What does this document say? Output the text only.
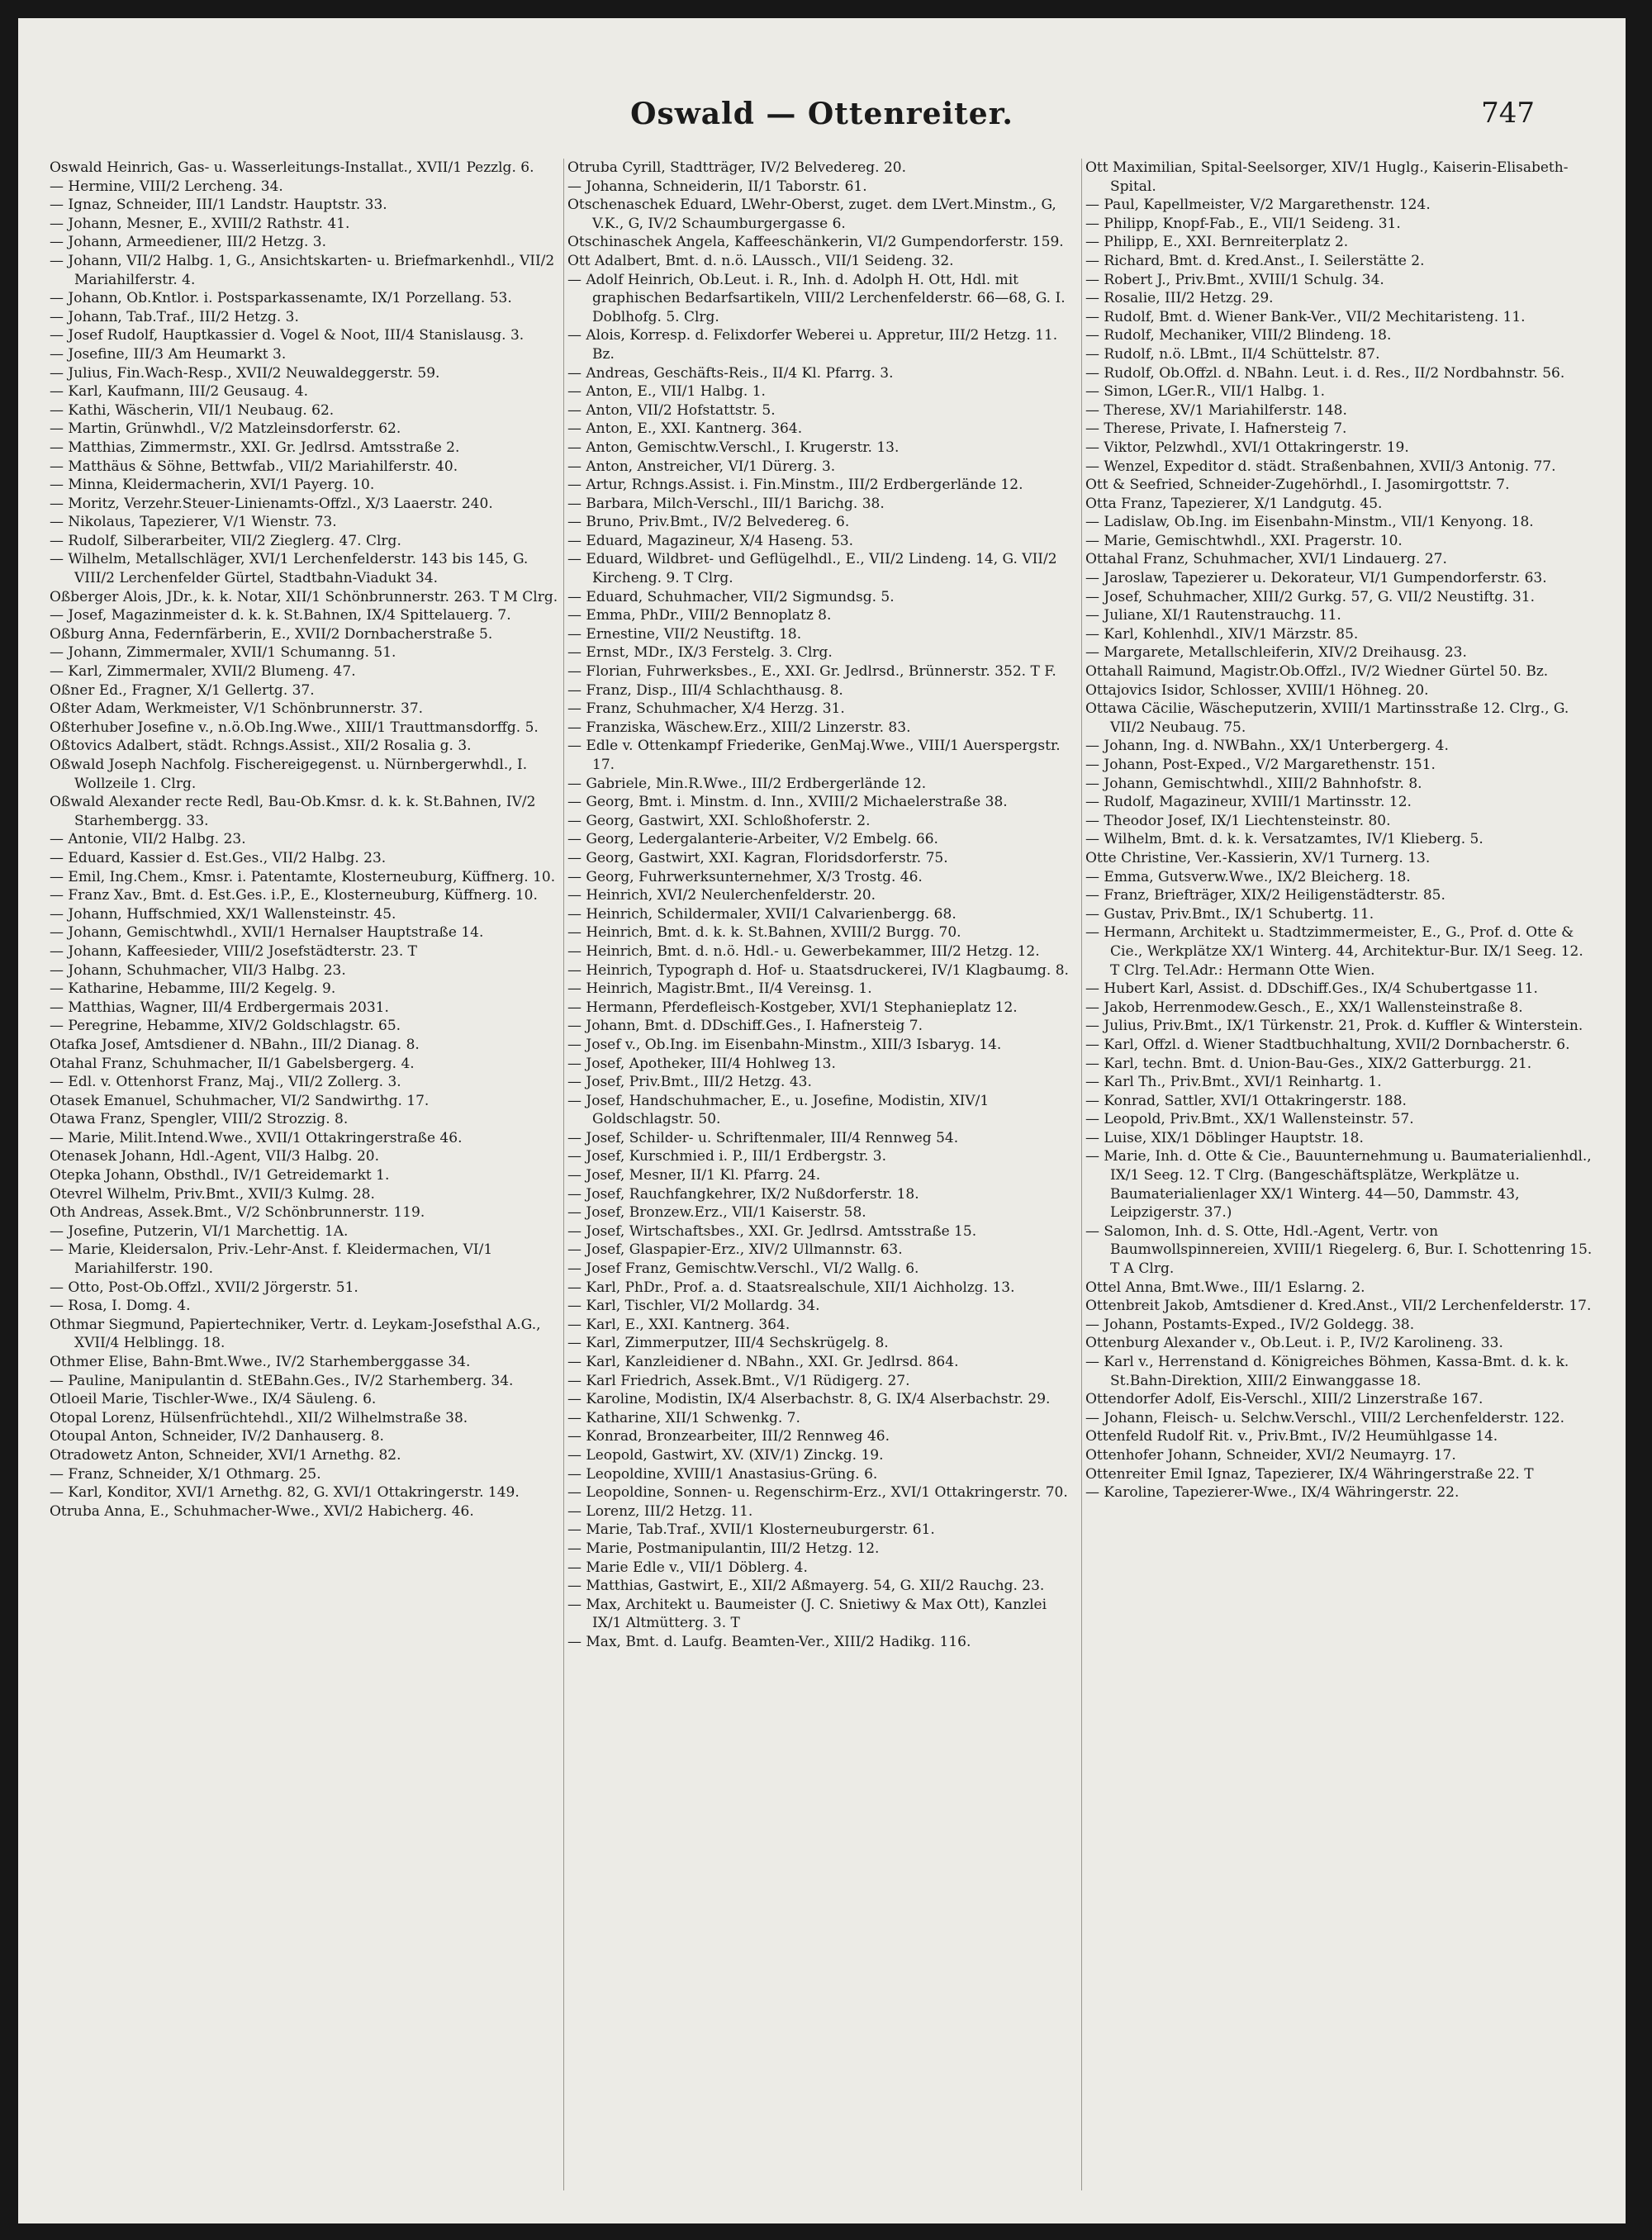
Oswald — Ottenreiter.	747
Oswald Heinrich, Gas- u. Wasserleitungs-Installat., XVII/1 Pezzlg. 6.
— Hermine, VIII/2 Lercheng. 34.
— Ignaz, Schneider, III/1 Landstr. Hauptstr. 33.
— Johann, Mesner, E., XVIII/2 Rathstr. 41.
— Johann, Armeediener, III/2 Hetzg. 3.
— Johann, VII/2 Halbg. 1, G., Ansichtskarten- u. Briefmarkenhdl., VII/2 Mariahilferstr. 4.
— Johann, Ob.Kntlor. i. Postsparkassenamte, IX/1 Porzellang. 53.
— Johann, Tab.Traf., III/2 Hetzg. 3.
— Josef Rudolf, Hauptkassier d. Vogel & Noot, III/4 Stanislausg. 3.
— Josefine, III/3 Am Heumarkt 3.
— Julius, Fin.Wach-Resp., XVII/2 Neuwaldeggerstr. 59.
— Karl, Kaufmann, III/2 Geusaug. 4.
— Kathi, Wäscherin, VII/1 Neubaug. 62.
— Martin, Grünwhdl., V/2 Matzleinsdorferstr. 62.
— Matthias, Zimmermstr., XXI. Gr. Jedlrsd. Amtsstraße 2.
— Matthäus & Söhne, Bettwfab., VII/2 Mariahilferstr. 40.
— Minna, Kleidermacherin, XVI/1 Payerg. 10.
— Moritz, Verzehr.Steuer-Linienamts-Offzl., X/3 Laaerstr. 240.
— Nikolaus, Tapezierer, V/1 Wienstr. 73.
— Rudolf, Silberarbeiter, VII/2 Zieglerg. 47. Clrg.
— Wilhelm, Metallschläger, XVI/1 Lerchenfelderstr. 143 bis 145, G. VIII/2 Lerchenfelder Gürtel, Stadtbahn-Viadukt 34.
Oßberger Alois, JDr., k. k. Notar, XII/1 Schönbrunnerstr. 263. T M Clrg.
— Josef, Magazinmeister d. k. k. St.Bahnen, IX/4 Spittelauerg. 7.
Oßburg Anna, Federnfärberin, E., XVII/2 Dornbacherstraße 5.
— Johann, Zimmermaler, XVII/1 Schumanng. 51.
— Karl, Zimmermaler, XVII/2 Blumeng. 47.
Oßner Ed., Fragner, X/1 Gellertg. 37.
Oßter Adam, Werkmeister, V/1 Schönbrunnerstr. 37.
Oßterhuber Josefine v., n.ö.Ob.Ing.Wwe., XIII/1 Trauttmansdorffg. 5.
Oßtovics Adalbert, städt. Rchngs.Assist., XII/2 Rosalia g. 3.
Oßwald Joseph Nachfolg. Fischereigegenst. u. Nürnbergerwhdl., I. Wollzeile 1. Clrg.
Oßwald Alexander recte Redl, Bau-Ob.Kmsr. d. k. k. St.Bahnen, IV/2 Starhembergg. 33.
— Antonie, VII/2 Halbg. 23.
— Eduard, Kassier d. Est.Ges., VII/2 Halbg. 23.
— Emil, Ing.Chem., Kmsr. i. Patentamte, Klosterneuburg, Küffnerg. 10.
— Franz Xav., Bmt. d. Est.Ges. i.P., E., Klosterneuburg, Küffnerg. 10.
— Johann, Huffschmied, XX/1 Wallensteinstr. 45.
— Johann, Gemischtwhdl., XVII/1 Hernalser Hauptstraße 14.
— Johann, Kaffeesieder, VIII/2 Josefstädterstr. 23. T
— Johann, Schuhmacher, VII/3 Halbg. 23.
— Katharine, Hebamme, III/2 Kegelg. 9.
— Matthias, Wagner, III/4 Erdbergermais 2031.
— Peregrine, Hebamme, XIV/2 Goldschlagstr. 65.
Otafka Josef, Amtsdiener d. NBahn., III/2 Dianag. 8.
Otahal Franz, Schuhmacher, II/1 Gabelsbergerg. 4.
— Edl. v. Ottenhorst Franz, Maj., VII/2 Zollerg. 3.
Otasek Emanuel, Schuhmacher, VI/2 Sandwirthg. 17.
Otawa Franz, Spengler, VIII/2 Strozzig. 8.
— Marie, Milit.Intend.Wwe., XVII/1 Ottakringerstraße 46.
Otenasek Johann, Hdl.-Agent, VII/3 Halbg. 20.
Otepka Johann, Obsthdl., IV/1 Getreidemarkt 1.
Otevrel Wilhelm, Priv.Bmt., XVII/3 Kulmg. 28.
Oth Andreas, Assek.Bmt., V/2 Schönbrunnerstr. 119.
— Josefine, Putzerin, VI/1 Marchettig. 1A.
— Marie, Kleidersalon, Priv.-Lehr-Anst. f. Kleidermachen, VI/1 Mariahilferstr. 190.
— Otto, Post-Ob.Offzl., XVII/2 Jörgerstr. 51.
— Rosa, I. Domg. 4.
Othmar Siegmund, Papiertechniker, Vertr. d. Leykam-Josefsthal A.G., XVII/4 Helblingg. 18.
Othmer Elise, Bahn-Bmt.Wwe., IV/2 Starhemberggasse 34.
— Pauline, Manipulantin d. StEBahn.Ges., IV/2 Starhemberg. 34.
Otloeil Marie, Tischler-Wwe., IX/4 Säuleng. 6.
Otopal Lorenz, Hülsenfrüchtehdl., XII/2 Wilhelmstraße 38.
Otoupal Anton, Schneider, IV/2 Danhauserg. 8.
Otradowetz Anton, Schneider, XVI/1 Arnethg. 82.
— Franz, Schneider, X/1 Othmarg. 25.
— Karl, Konditor, XVI/1 Arnethg. 82, G. XVI/1 Ottakringerstr. 149.
Otruba Anna, E., Schuhmacher-Wwe., XVI/2 Habicherg. 46.
Otruba Cyrill, Stadtträger, IV/2 Belvedereg. 20.
— Johanna, Schneiderin, II/1 Taborstr. 61.
Otschenaschek Eduard, LWehr-Oberst, zuget. dem LVert.Minstm., G, V.K., G, IV/2 Schaumburgergasse 6.
Otschinaschek Angela, Kaffeeschänkerin, VI/2 Gumpendorferstr. 159.
Ott Adalbert, Bmt. d. n.ö. LAussch., VII/1 Seideng. 32.
— Adolf Heinrich, Ob.Leut. i. R., Inh. d. Adolph H. Ott, Hdl. mit graphischen Bedarfsartikeln, VIII/2 Lerchenfelderstr. 66—68, G. I. Doblhofg. 5. Clrg.
— Alois, Korresp. d. Felixdorfer Weberei u. Appretur, III/2 Hetzg. 11. Bz.
— Andreas, Geschäfts-Reis., II/4 Kl. Pfarrg. 3.
— Anton, E., VII/1 Halbg. 1.
— Anton, VII/2 Hofstattstr. 5.
— Anton, E., XXI. Kantnerg. 364.
— Anton, Gemischtw.Verschl., I. Krugerstr. 13.
— Anton, Anstreicher, VI/1 Dürerg. 3.
— Artur, Rchngs.Assist. i. Fin.Minstm., III/2 Erdbergerlände 12.
— Barbara, Milch-Verschl., III/1 Barichg. 38.
— Bruno, Priv.Bmt., IV/2 Belvedereg. 6.
— Eduard, Magazineur, X/4 Haseng. 53.
— Eduard, Wildbret- und Geflügelhdl., E., VII/2 Lindeng. 14, G. VII/2 Kircheng. 9. T Clrg.
— Eduard, Schuhmacher, VII/2 Sigmundsg. 5.
— Emma, PhDr., VIII/2 Bennoplatz 8.
— Ernestine, VII/2 Neustiftg. 18.
— Ernst, MDr., IX/3 Ferstelg. 3. Clrg.
— Florian, Fuhrwerksbes., E., XXI. Gr. Jedlrsd., Brünnerstr. 352. T F.
— Franz, Disp., III/4 Schlachthausg. 8.
— Franz, Schuhmacher, X/4 Herzg. 31.
— Franziska, Wäschew.Erz., XIII/2 Linzerstr. 83.
— Edle v. Ottenkampf Friederike, GenMaj.Wwe., VIII/1 Auerspergstr. 17.
— Gabriele, Min.R.Wwe., III/2 Erdbergerlände 12.
— Georg, Bmt. i. Minstm. d. Inn., XVIII/2 Michaelerstraße 38.
— Georg, Gastwirt, XXI. Schloßhoferstr. 2.
— Georg, Ledergalanterie-Arbeiter, V/2 Embelg. 66.
— Georg, Gastwirt, XXI. Kagran, Floridsdorferstr. 75.
— Georg, Fuhrwerksunternehmer, X/3 Trostg. 46.
— Heinrich, XVI/2 Neulerchenfelderstr. 20.
— Heinrich, Schildermaler, XVII/1 Calvarienbergg. 68.
— Heinrich, Bmt. d. k. k. St.Bahnen, XVIII/2 Burgg. 70.
— Heinrich, Bmt. d. n.ö. Hdl.- u. Gewerbekammer, III/2 Hetzg. 12.
— Heinrich, Typograph d. Hof- u. Staatsdruckerei, IV/1 Klagbaumg. 8.
— Heinrich, Magistr.Bmt., II/4 Vereinsg. 1.
— Hermann, Pferdefleisch-Kostgeber, XVI/1 Stephanieplatz 12.
— Johann, Bmt. d. DDschiff.Ges., I. Hafnersteig 7.
— Josef v., Ob.Ing. im Eisenbahn-Minstm., XIII/3 Isbaryg. 14.
— Josef, Apotheker, III/4 Hohlweg 13.
— Josef, Priv.Bmt., III/2 Hetzg. 43.
— Josef, Handschuhmacher, E., u. Josefine, Modistin, XIV/1 Goldschlagstr. 50.
— Josef, Schilder- u. Schriftenmaler, III/4 Rennweg 54.
— Josef, Kurschmied i. P., III/1 Erdbergstr. 3.
— Josef, Mesner, II/1 Kl. Pfarrg. 24.
— Josef, Rauchfangkehrer, IX/2 Nußdorferstr. 18.
— Josef, Bronzew.Erz., VII/1 Kaiserstr. 58.
— Josef, Wirtschaftsbes., XXI. Gr. Jedlrsd. Amtsstraße 15.
— Josef, Glaspapier-Erz., XIV/2 Ullmannstr. 63.
— Josef Franz, Gemischtw.Verschl., VI/2 Wallg. 6.
— Karl, PhDr., Prof. a. d. Staatsrealschule, XII/1 Aichholzg. 13.
— Karl, Tischler, VI/2 Mollardg. 34.
— Karl, E., XXI. Kantnerg. 364.
— Karl, Zimmerputzer, III/4 Sechskrügelg. 8.
— Karl, Kanzleidiener d. NBahn., XXI. Gr. Jedlrsd. 864.
— Karl Friedrich, Assek.Bmt., V/1 Rüdigerg. 27.
— Karoline, Modistin, IX/4 Alserbachstr. 8, G. IX/4 Alserbachstr. 29.
— Katharine, XII/1 Schwenkg. 7.
— Konrad, Bronzearbeiter, III/2 Rennweg 46.
— Leopold, Gastwirt, XV. (XIV/1) Zinckg. 19.
— Leopoldine, XVIII/1 Anastasius-Grüng. 6.
— Leopoldine, Sonnen- u. Regenschirm-Erz., XVI/1 Ottakringerstr. 70.
— Lorenz, III/2 Hetzg. 11.
— Marie, Tab.Traf., XVII/1 Klosterneuburgerstr. 61.
— Marie, Postmanipulantin, III/2 Hetzg. 12.
— Marie Edle v., VII/1 Döblerg. 4.
— Matthias, Gastwirt, E., XII/2 Aßmayerg. 54, G. XII/2 Rauchg. 23.
— Max, Architekt u. Baumeister (J. C. Snietiwy & Max Ott), Kanzlei IX/1 Altmütterg. 3. T
— Max, Bmt. d. Laufg. Beamten-Ver., XIII/2 Hadikg. 116.
Ott Maximilian, Spital-Seelsorger, XIV/1 Huglg., Kaiserin-Elisabeth-Spital.
— Paul, Kapellmeister, V/2 Margarethenstr. 124.
— Philipp, Knopf-Fab., E., VII/1 Seideng. 31.
— Philipp, E., XXI. Bernreiterplatz 2.
— Richard, Bmt. d. Kred.Anst., I. Seilerstätte 2.
— Robert J., Priv.Bmt., XVIII/1 Schulg. 34.
— Rosalie, III/2 Hetzg. 29.
— Rudolf, Bmt. d. Wiener Bank-Ver., VII/2 Mechitaristeng. 11.
— Rudolf, Mechaniker, VIII/2 Blindeng. 18.
— Rudolf, n.ö. LBmt., II/4 Schüttelstr. 87.
— Rudolf, Ob.Offzl. d. NBahn. Leut. i. d. Res., II/2 Nordbahnstr. 56.
— Simon, LGer.R., VII/1 Halbg. 1.
— Therese, XV/1 Mariahilferstr. 148.
— Therese, Private, I. Hafnersteig 7.
— Viktor, Pelzwhdl., XVI/1 Ottakringerstr. 19.
— Wenzel, Expeditor d. städt. Straßenbahnen, XVII/3 Antonig. 77.
Ott & Seefried, Schneider-Zugehörhdl., I. Jasomirgottstr. 7.
Otta Franz, Tapezierer, X/1 Landgutg. 45.
— Ladislaw, Ob.Ing. im Eisenbahn-Minstm., VII/1 Kenyong. 18.
— Marie, Gemischtwhdl., XXI. Pragerstr. 10.
Ottahal Franz, Schuhmacher, XVI/1 Lindauerg. 27.
— Jaroslaw, Tapezierer u. Dekorateur, VI/1 Gumpendorferstr. 63.
— Josef, Schuhmacher, XIII/2 Gurkg. 57, G. VII/2 Neustiftg. 31.
— Juliane, XI/1 Rautenstrauchg. 11.
— Karl, Kohlenhdl., XIV/1 Märzstr. 85.
— Margarete, Metallschleiferin, XIV/2 Dreihausg. 23.
Ottahall Raimund, Magistr.Ob.Offzl., IV/2 Wiedner Gürtel 50. Bz.
Ottajovics Isidor, Schlosser, XVIII/1 Höhneg. 20.
Ottawa Cäcilie, Wäscheputzerin, XVIII/1 Martinsstraße 12. Clrg., G. VII/2 Neubaug. 75.
— Johann, Ing. d. NWBahn., XX/1 Unterbergerg. 4.
— Johann, Post-Exped., V/2 Margarethenstr. 151.
— Johann, Gemischtwhdl., XIII/2 Bahnhofstr. 8.
— Rudolf, Magazineur, XVIII/1 Martinsstr. 12.
— Theodor Josef, IX/1 Liechtensteinstr. 80.
— Wilhelm, Bmt. d. k. k. Versatzamtes, IV/1 Klieberg. 5.
Otte Christine, Ver.-Kassierin, XV/1 Turnerg. 13.
— Emma, Gutsverw.Wwe., IX/2 Bleicherg. 18.
— Franz, Briefträger, XIX/2 Heiligenstädterstr. 85.
— Gustav, Priv.Bmt., IX/1 Schubertg. 11.
— Hermann, Architekt u. Stadtzimmermeister, E., G., Prof. d. Otte & Cie., Werkplätze XX/1 Winterg. 44, Architektur-Bur. IX/1 Seeg. 12. T Clrg. Tel.Adr.: Hermann Otte Wien.
— Hubert Karl, Assist. d. DDschiff.Ges., IX/4 Schubertgasse 11.
— Jakob, Herrenmodew.Gesch., E., XX/1 Wallensteinstraße 8.
— Julius, Priv.Bmt., IX/1 Türkenstr. 21, Prok. d. Kuffler & Winterstein.
— Karl, Offzl. d. Wiener Stadtbuchhaltung, XVII/2 Dornbacherstr. 6.
— Karl, techn. Bmt. d. Union-Bau-Ges., XIX/2 Gatterburgg. 21.
— Karl Th., Priv.Bmt., XVI/1 Reinhartg. 1.
— Konrad, Sattler, XVI/1 Ottakringerstr. 188.
— Leopold, Priv.Bmt., XX/1 Wallensteinstr. 57.
— Luise, XIX/1 Döblinger Hauptstr. 18.
— Marie, Inh. d. Otte & Cie., Bauunternehmung u. Baumaterialienhdl., IX/1 Seeg. 12. T Clrg. (Bangeschäftsplätze, Werkplätze u. Baumaterialienlager XX/1 Winterg. 44—50, Dammstr. 43, Leipzigerstr. 37.)
— Salomon, Inh. d. S. Otte, Hdl.-Agent, Vertr. von Baumwollspinnereien, XVIII/1 Riegelerg. 6, Bur. I. Schottenring 15. T A Clrg.
Ottel Anna, Bmt.Wwe., III/1 Eslarng. 2.
Ottenbreit Jakob, Amtsdiener d. Kred.Anst., VII/2 Lerchenfelderstr. 17.
— Johann, Postamts-Exped., IV/2 Goldegg. 38.
Ottenburg Alexander v., Ob.Leut. i. P., IV/2 Karolineng. 33.
— Karl v., Herrenstand d. Königreiches Böhmen, Kassa-Bmt. d. k. k. St.Bahn-Direktion, XIII/2 Einwanggasse 18.
Ottendorfer Adolf, Eis-Verschl., XIII/2 Linzerstraße 167.
— Johann, Fleisch- u. Selchw.Verschl., VIII/2 Lerchenfelderstr. 122.
Ottenfeld Rudolf Rit. v., Priv.Bmt., IV/2 Heumühlgasse 14.
Ottenhofer Johann, Schneider, XVI/2 Neumayrg. 17.
Ottenreiter Emil Ignaz, Tapezierer, IX/4 Währingerstraße 22. T
— Karoline, Tapezierer-Wwe., IX/4 Währingerstr. 22.
